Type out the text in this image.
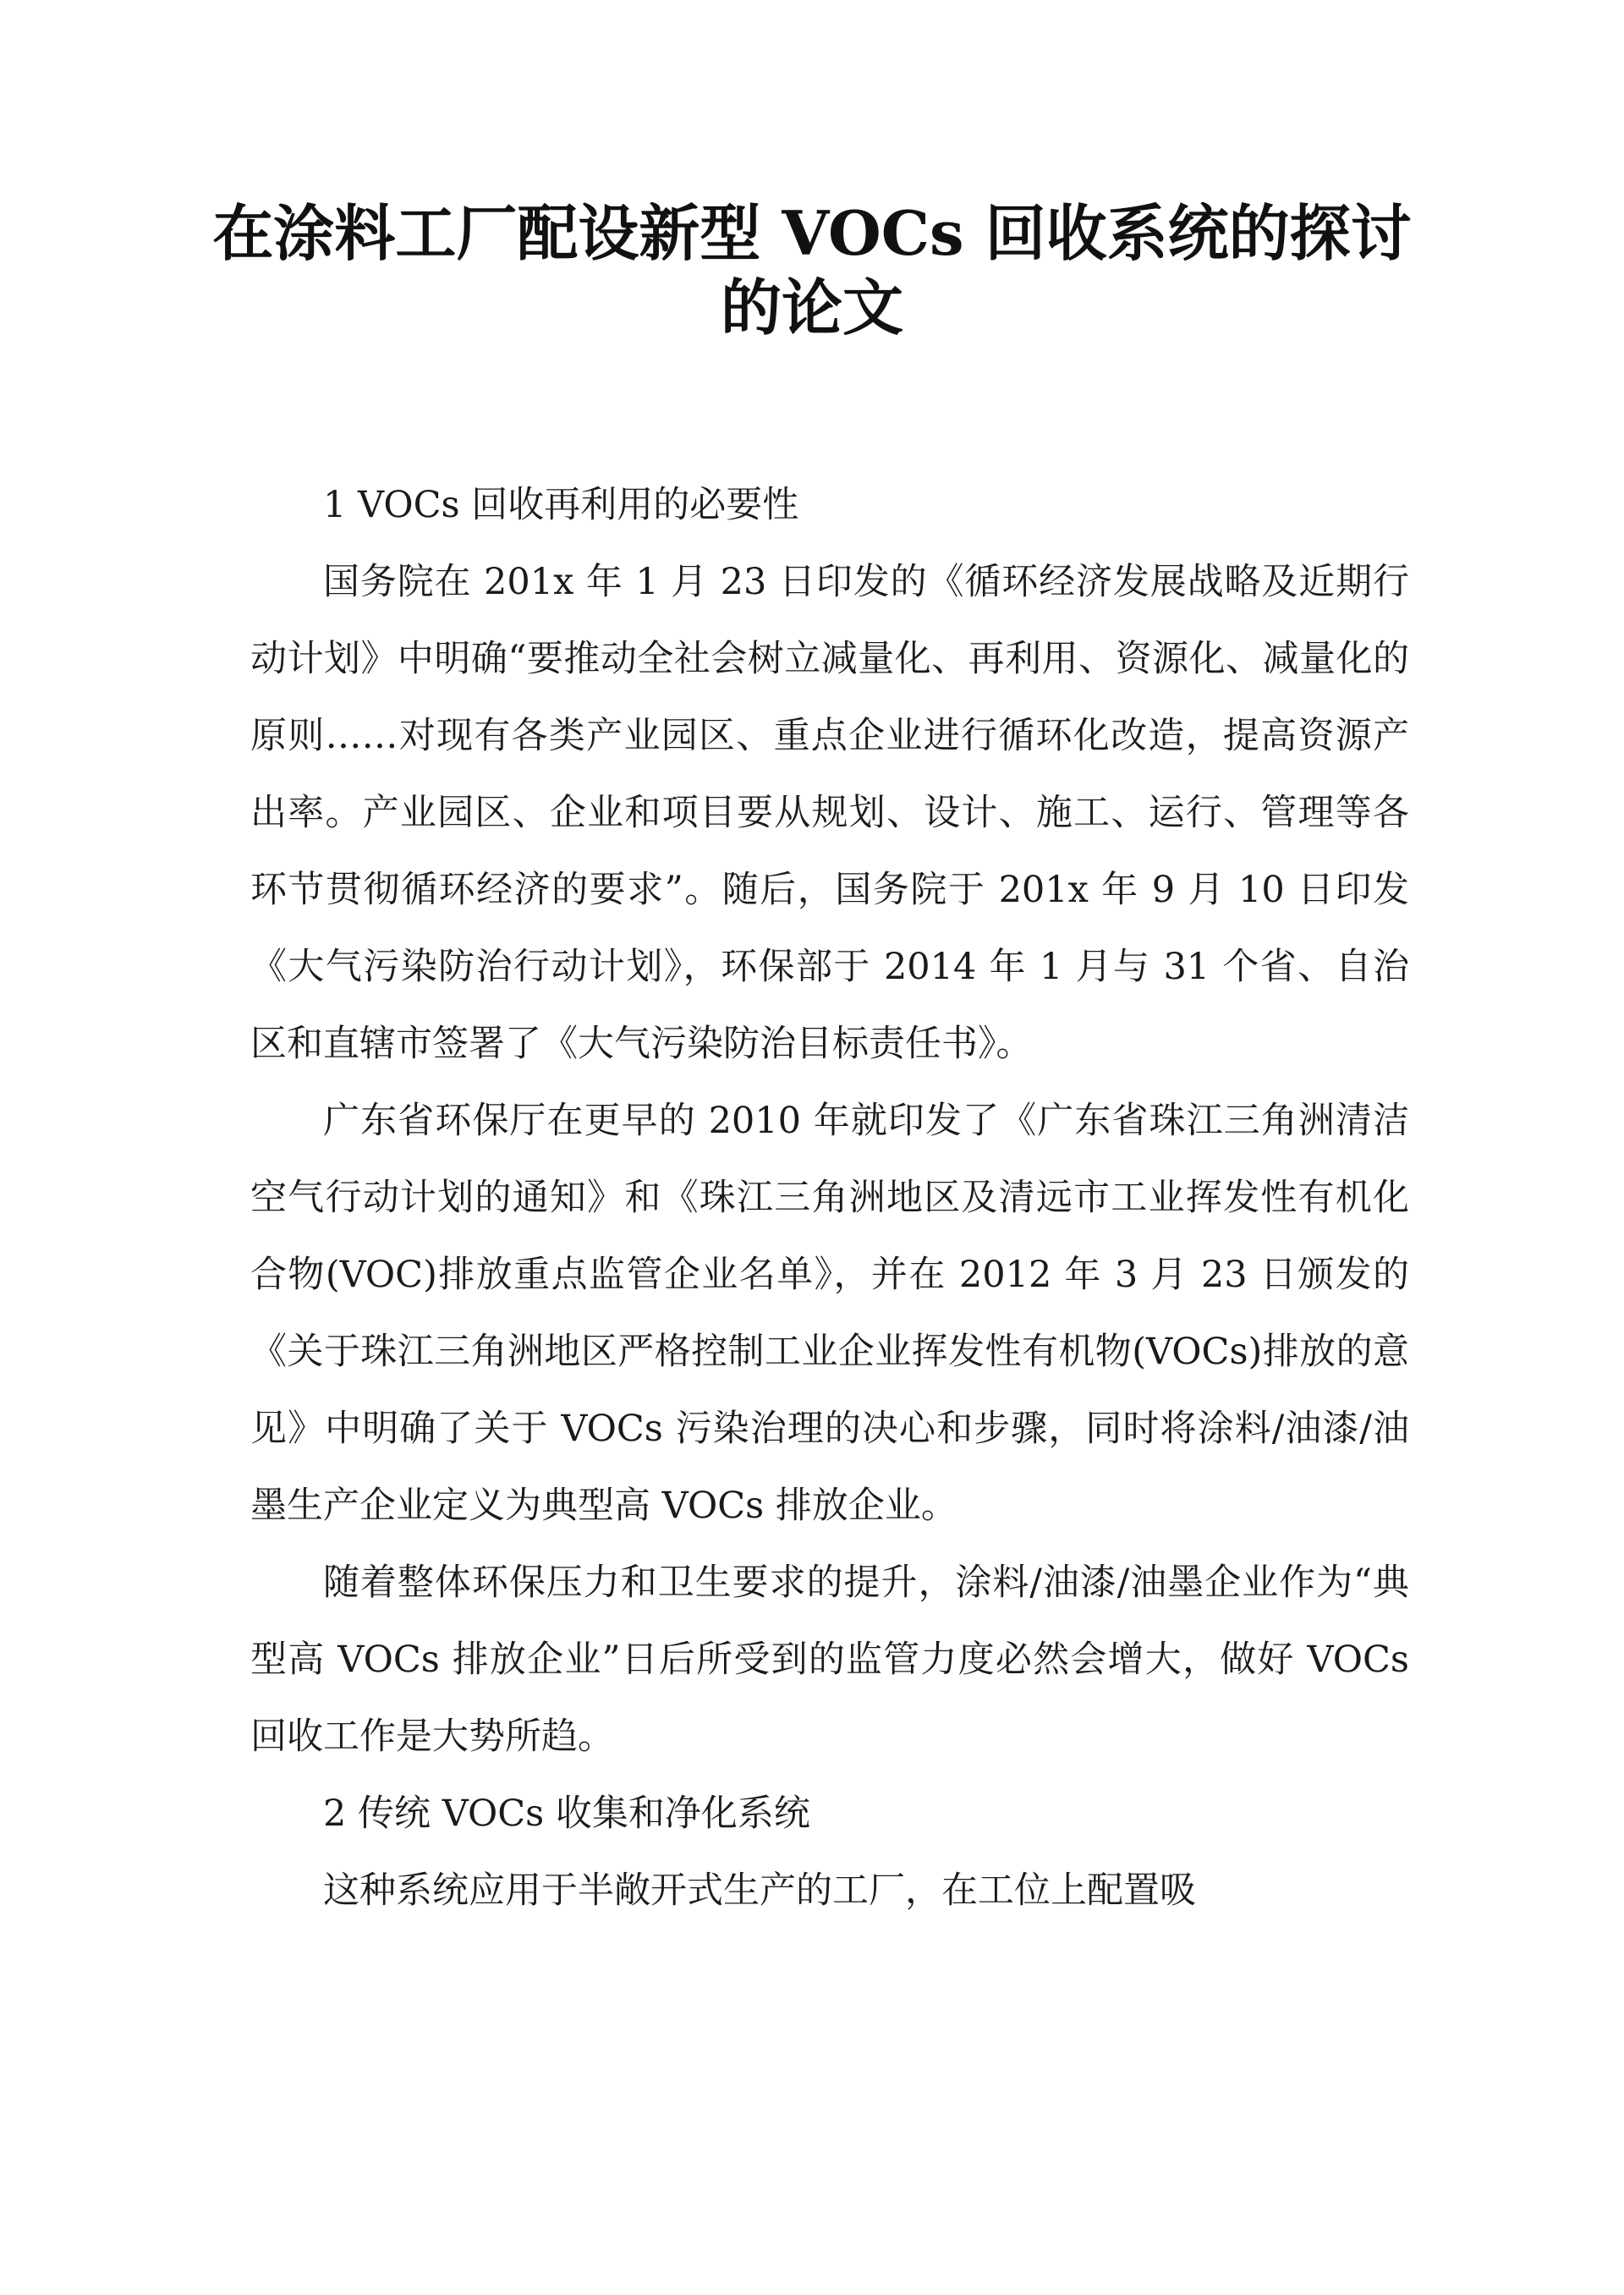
在涂料工厂配设新型 VOCs 回收系统的探讨
的论文

1 VOCs 回收再利用的必要性

国务院在 201x 年 1 月 23 日印发的《循环经济发展战略及近期行动计划》中明确“要推动全社会树立减量化、再利用、资源化、减量化的原则……对现有各类产业园区、重点企业进行循环化改造，提高资源产出率。产业园区、企业和项目要从规划、设计、施工、运行、管理等各环节贯彻循环经济的要求”。随后，国务院于 201x 年 9 月 10 日印发《大气污染防治行动计划》，环保部于 2014 年 1 月与 31 个省、自治区和直辖市签署了《大气污染防治目标责任书》。

广东省环保厅在更早的 2010 年就印发了《广东省珠江三角洲清洁空气行动计划的通知》和《珠江三角洲地区及清远市工业挥发性有机化合物(VOC)排放重点监管企业名单》，并在 2012 年 3 月 23 日颁发的《关于珠江三角洲地区严格控制工业企业挥发性有机物(VOCs)排放的意见》中明确了关于 VOCs 污染治理的决心和步骤，同时将涂料/油漆/油墨生产企业定义为典型高 VOCs 排放企业。

随着整体环保压力和卫生要求的提升，涂料/油漆/油墨企业作为“典型高 VOCs 排放企业”日后所受到的监管力度必然会增大，做好 VOCs 回收工作是大势所趋。

2 传统 VOCs 收集和净化系统

这种系统应用于半敞开式生产的工厂，在工位上配置吸
